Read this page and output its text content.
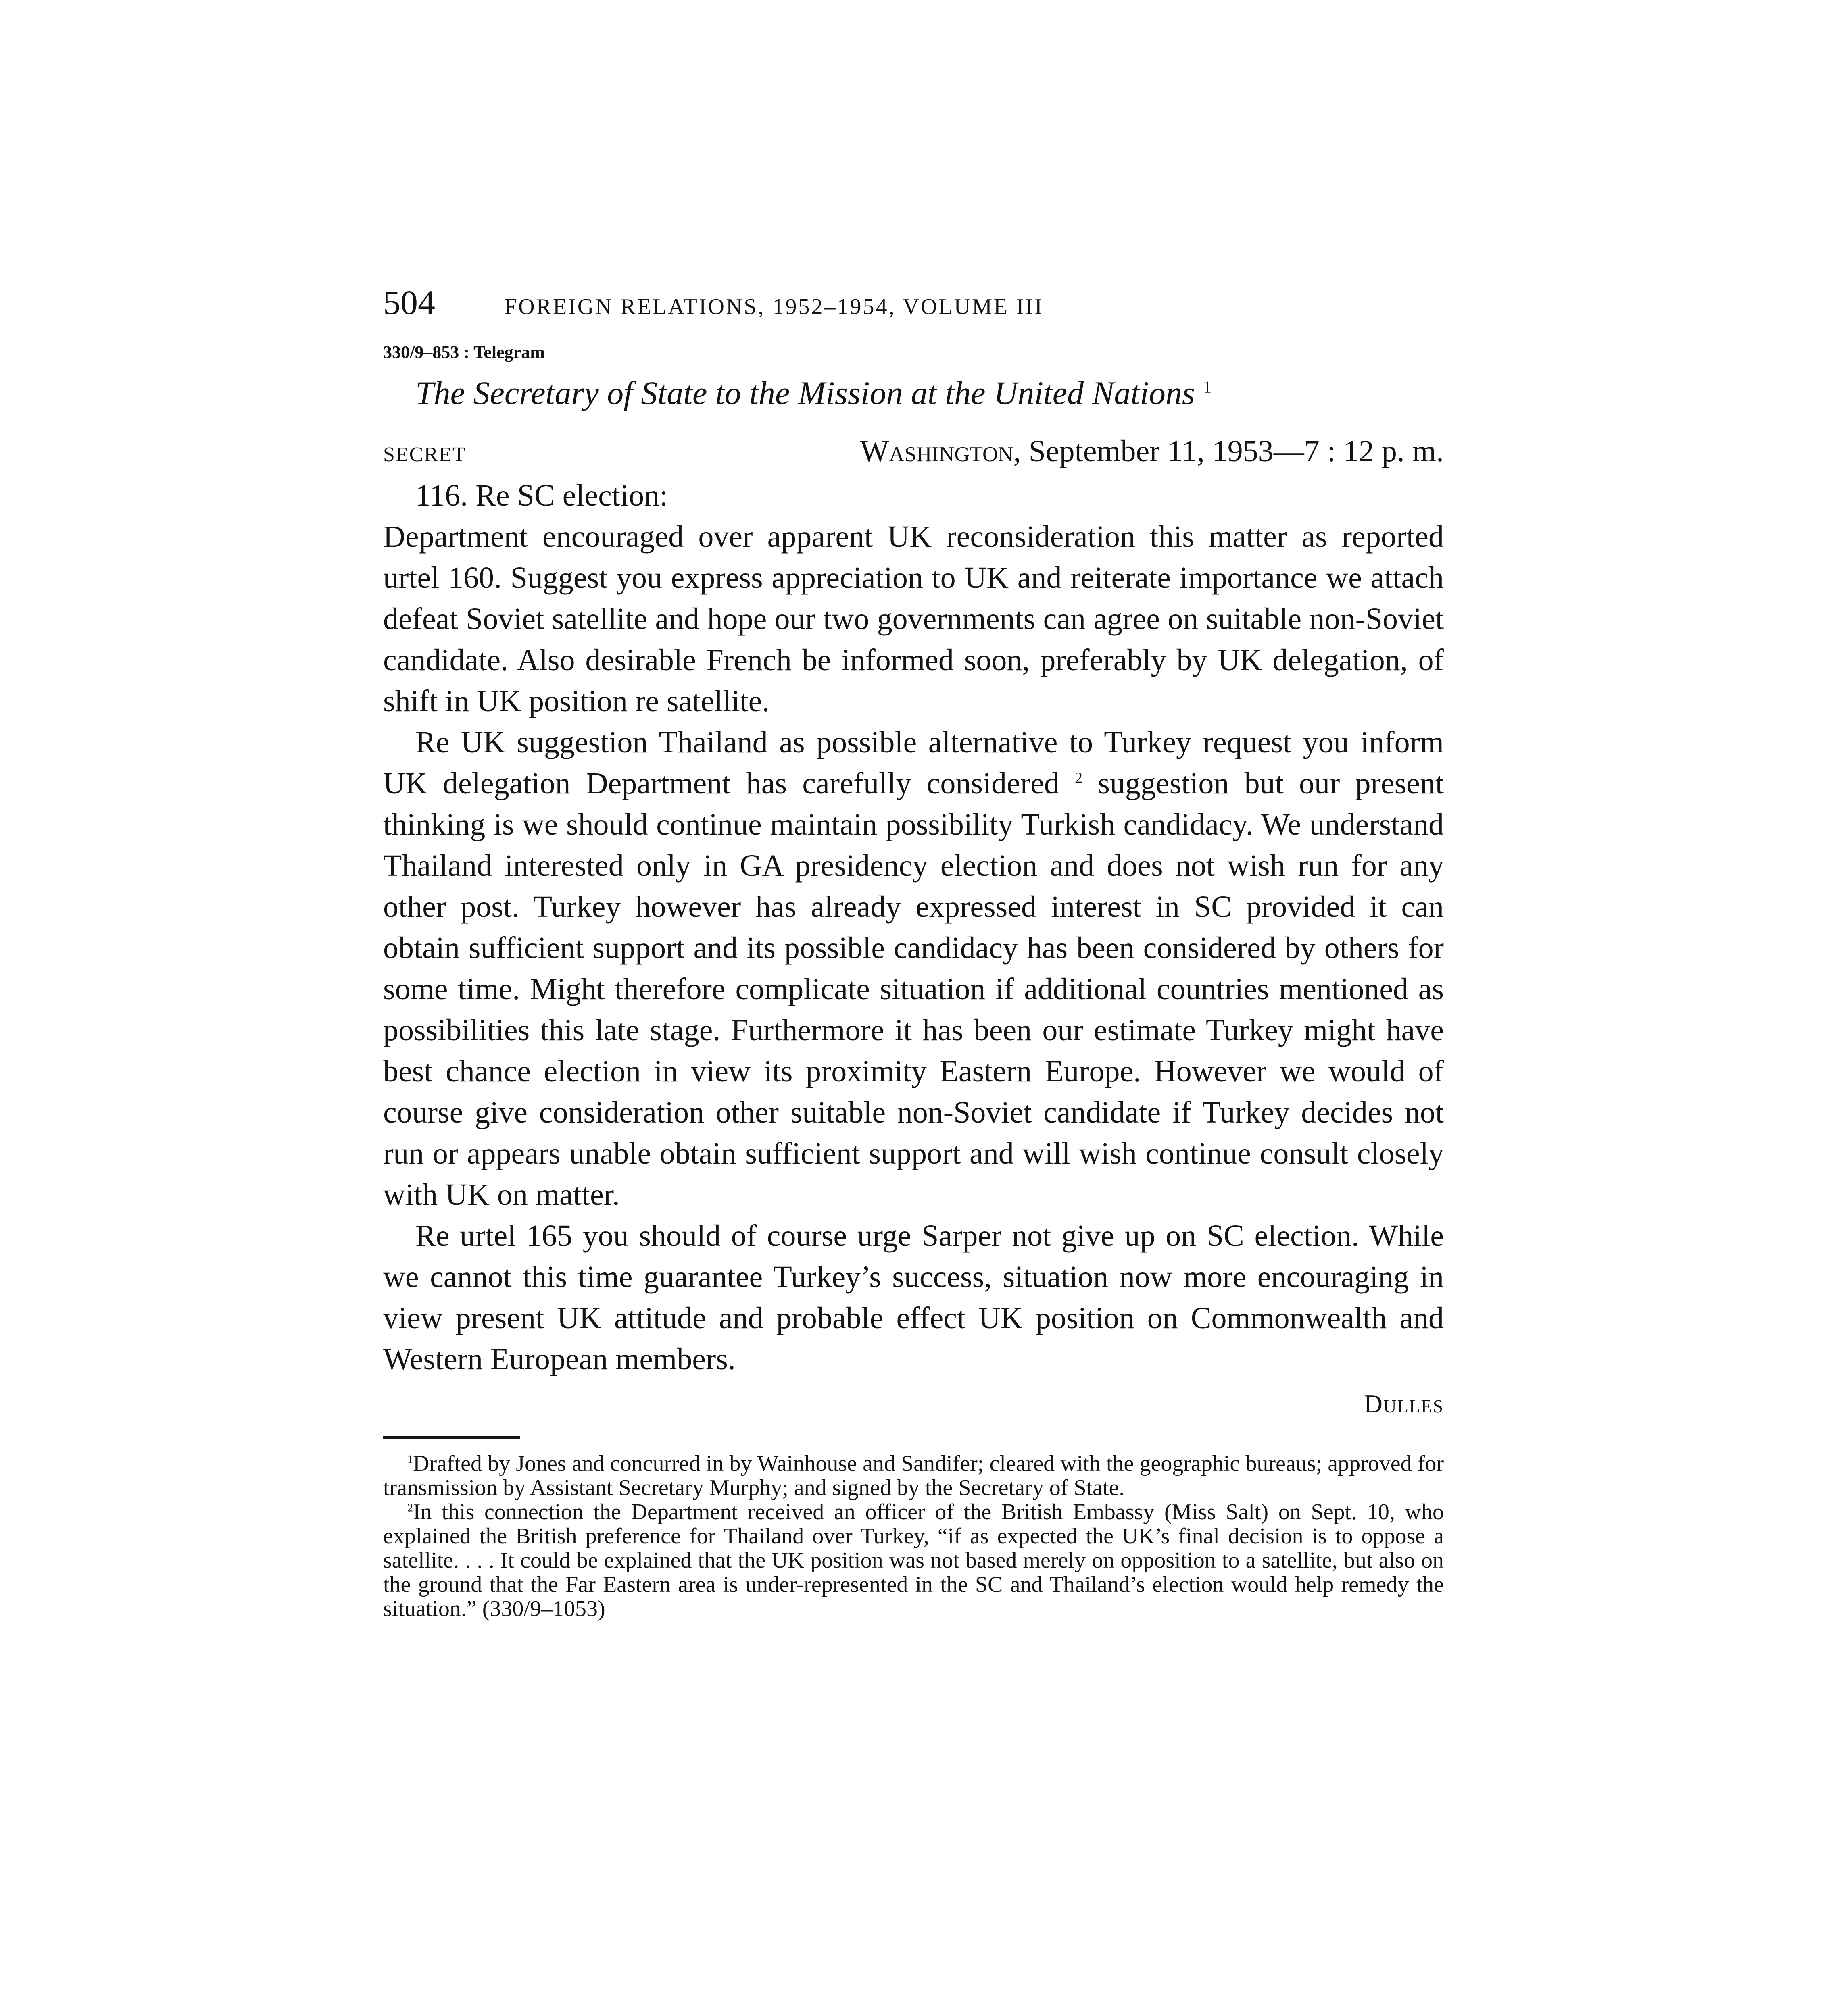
504	FOREIGN RELATIONS, 1952–1954, VOLUME III
330/9–853 : Telegram
The Secretary of State to the Mission at the United Nations $^1$
SECRET	Washington, September 11, 1953—7 : 12 p. m.

116. Re SC election:

Department encouraged over apparent UK reconsideration this matter as reported urtel 160. Suggest you express appreciation to UK and reiterate importance we attach defeat Soviet satellite and hope our two governments can agree on suitable non-Soviet candidate. Also desirable French be informed soon, preferably by UK delegation, of shift in UK position re satellite.

Re UK suggestion Thailand as possible alternative to Turkey request you inform UK delegation Department has carefully considered $^2$ suggestion but our present thinking is we should continue maintain possibility Turkish candidacy. We understand Thailand interested only in GA presidency election and does not wish run for any other post. Turkey however has already expressed interest in SC provided it can obtain sufficient support and its possible candidacy has been considered by others for some time. Might therefore complicate situation if additional countries mentioned as possibilities this late stage. Furthermore it has been our estimate Turkey might have best chance election in view its proximity Eastern Europe. However we would of course give consideration other suitable non-Soviet candidate if Turkey decides not run or appears unable obtain sufficient support and will wish continue consult closely with UK on matter.

Re urtel 165 you should of course urge Sarper not give up on SC election. While we cannot this time guarantee Turkey’s success, situation now more encouraging in view present UK attitude and probable effect UK position on Commonwealth and Western European members.

Dulles

$^1$Drafted by Jones and concurred in by Wainhouse and Sandifer; cleared with the geographic bureaus; approved for transmission by Assistant Secretary Murphy; and signed by the Secretary of State.

$^2$In this connection the Department received an officer of the British Embassy (Miss Salt) on Sept. 10, who explained the British preference for Thailand over Turkey, “if as expected the UK’s final decision is to oppose a satellite. . . . It could be explained that the UK position was not based merely on opposition to a satellite, but also on the ground that the Far Eastern area is under-represented in the SC and Thailand’s election would help remedy the situation.” (330/9–1053)
